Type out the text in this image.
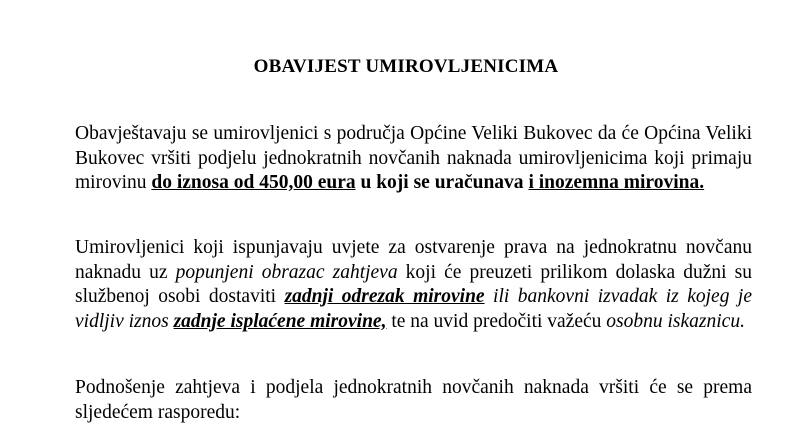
OBAVIJEST UMIROVLJENICIMA

Obavještavaju se umirovljenici s područja Općine Veliki Bukovec da će Općina Veliki Bukovec vršiti podjelu jednokratnih novčanih naknada umirovljenicima koji primaju mirovinu do iznosa od 450,00 eura u koji se uračunava i inozemna mirovina.

Umirovljenici koji ispunjavaju uvjete za ostvarenje prava na jednokratnu novčanu naknadu uz popunjeni obrazac zahtjeva koji će preuzeti prilikom dolaska dužni su službenoj osobi dostaviti zadnji odrezak mirovine ili bankovni izvadak iz kojeg je vidljiv iznos zadnje isplaćene mirovine, te na uvid predočiti važeću osobnu iskaznicu.

Podnošenje zahtjeva i podjela jednokratnih novčanih naknada vršiti će se prema sljedećem rasporedu:
